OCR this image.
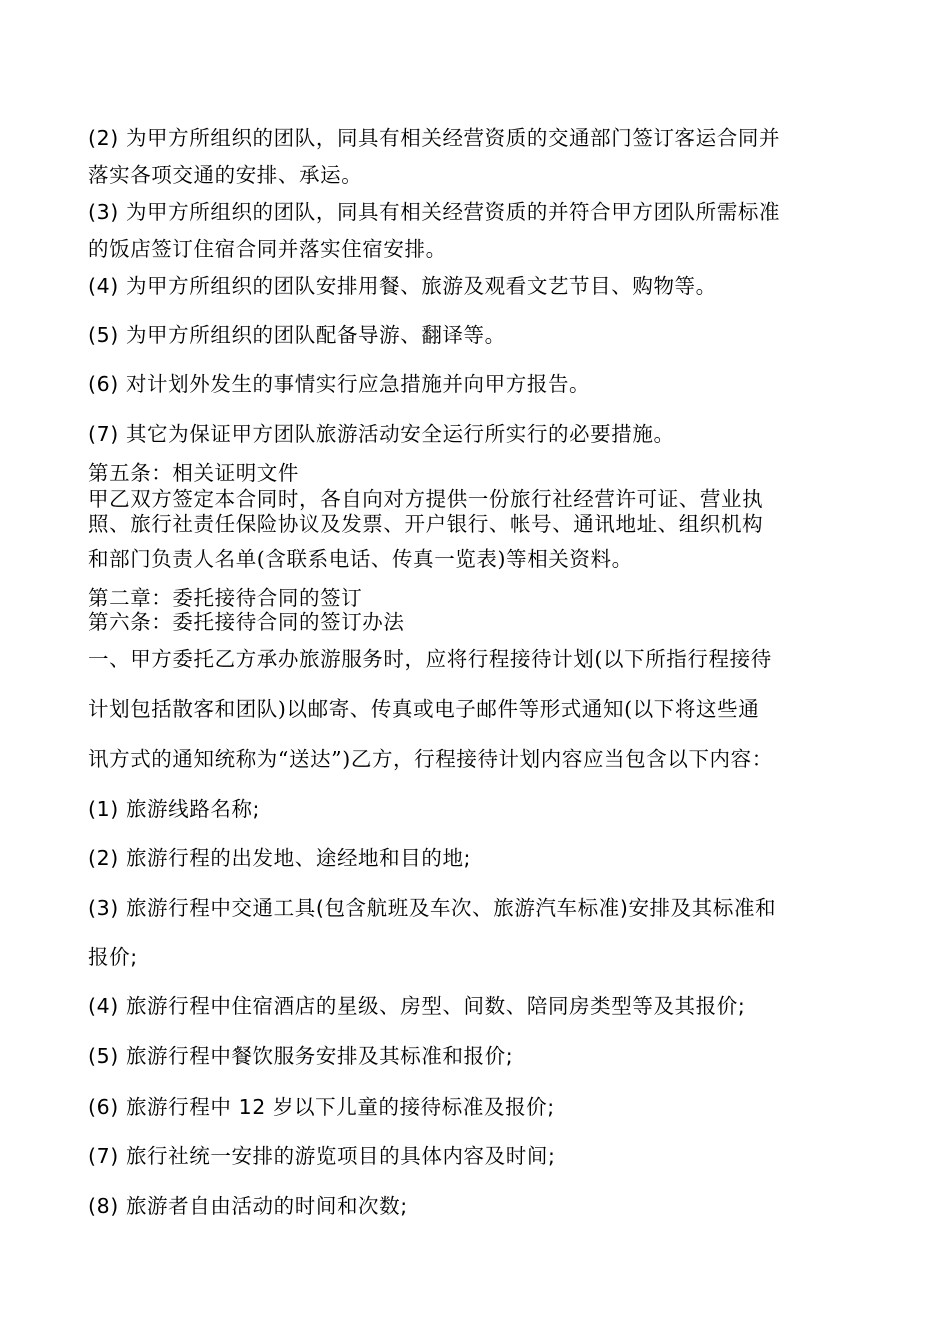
(2) 为甲方所组织的团队，同具有相关经营资质的交通部门签订客运合同并
落实各项交通的安排、承运。
(3) 为甲方所组织的团队，同具有相关经营资质的并符合甲方团队所需标准
的饭店签订住宿合同并落实住宿安排。
(4) 为甲方所组织的团队安排用餐、旅游及观看文艺节目、购物等。
(5) 为甲方所组织的团队配备导游、翻译等。
(6) 对计划外发生的事情实行应急措施并向甲方报告。
(7) 其它为保证甲方团队旅游活动安全运行所实行的必要措施。
第五条：相关证明文件
甲乙双方签定本合同时，各自向对方提供一份旅行社经营许可证、营业执
照、旅行社责任保险协议及发票、开户银行、帐号、通讯地址、组织机构
和部门负责人名单(含联系电话、传真一览表)等相关资料。
第二章：委托接待合同的签订
第六条：委托接待合同的签订办法
一、甲方委托乙方承办旅游服务时，应将行程接待计划(以下所指行程接待
计划包括散客和团队)以邮寄、传真或电子邮件等形式通知(以下将这些通
讯方式的通知统称为“送达”)乙方，行程接待计划内容应当包含以下内容：
(1) 旅游线路名称;
(2) 旅游行程的出发地、途经地和目的地;
(3) 旅游行程中交通工具(包含航班及车次、旅游汽车标准)安排及其标准和
报价;
(4) 旅游行程中住宿酒店的星级、房型、间数、陪同房类型等及其报价;
(5) 旅游行程中餐饮服务安排及其标准和报价;
(6) 旅游行程中 12 岁以下儿童的接待标准及报价;
(7) 旅行社统一安排的游览项目的具体内容及时间;
(8) 旅游者自由活动的时间和次数;
